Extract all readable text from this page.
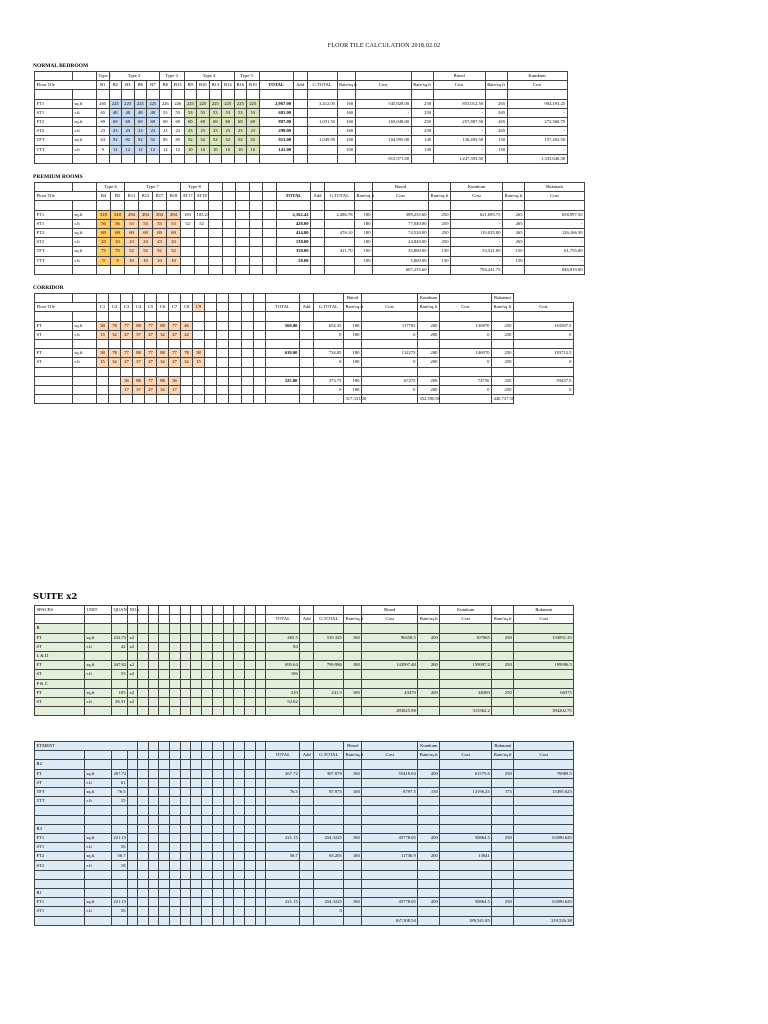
FLOOR TILE CALCULATION 2018.02.02
NORMAL BEDROOM
		Type 1	Type 2				Type 3		Type 4				Type 5								Binod		Kumkum		
Floor Tile		B1	B2	B3	B6	B7	B8	B15	B9	B10	B13	B14	B16	B19	TOTAL	Add	G.TOTAL	Rate/sq.ft	Cost	Rate/sq.ft	Cost	Rate/sq.ft	Cost	

FT1	sq.ft	265	225	225	225	225	226	226	225	225	225	225	225	225	2,967.00		3,412.05	160	545,928.00	250	853,012.50	265	904,193.25	
ST1	r.ft	65	48	48	48	48	53	53	53	53	53	53	53	53	681.00			160	-	250	-	265	-	
FT2	sq.ft	69	69	69	69	69	69	69	69	69	69	69	69	69	897.00		1,031.55	160	165,048.00	250	257,887.50	265	273,360.75	
ST2	r.ft	23	23	23	23	23	23	23	23	23	23	23	23	23	299.00			160	-	250	-	265	-	
TFT	sq.ft	63	92	92	92	92	85	85	52	52	52	52	52	52	913.00		1,049.95	100	104,995.00	130	136,493.50	150	157,492.50	
TTT	r.ft	9	12	12	12	12	12	12	10	10	10	10	10	10	141.00			100	-	130	-	150	-	
																			815,971.00		1,247,393.50		1,335,046.50	
PREMIUM ROOMS
		Type 6		Type 7				Type 8											Binod		Kumkum		Rukmani
Floor Tile		B4	B5	B11	B12	B17	B18	AT17	AT18						TOTAL	Add	G.TOTAL	Rate/sq.ft	Cost	Rate/sq.ft	Cost	Rate/sq.ft	Cost

FT1	sq.ft	310	310	294	294	294	294	183	183.21						2,162.42		2,486.78	180	389,235.60	250	621,695.75	265	658,997.50
ST1	r.ft	56	56	53	53	53	53	52	52						428.00			180	77,040.00	250	-	265	-
FT2	sq.ft	69	69	69	69	69	69								414.00		476.10	180	74,520.00	250	119,025.00	265	126,166.50
ST2	r.ft	23	23	23	23	23	23								138.00			180	24,840.00	250	-	265	-
TFT	sq.ft	75	75	52	52	52	52								358.00		411.70	100	35,800.00	130	53,521.00	150	61,755.00
TTT	r.ft	9	9	10	10	10	10								58.00			100	5,800.00	130	-	150	-
																			607,235.60		794,241.75		846,919.00
CORRIDOR
																			Binod		Kumkum		Rukmani	
Floor Tile		C1	C2	C3	C4	C5	C6	C7	C8	C9						TOTAL	Add	G.TOTAL	Rate/sq.ft	Cost	Rate/sq.ft	Cost	Rate/sq.ft	Cost

FT	sq.ft	38	78	77	88	77	88	77	46							569.00		654.35	180	117783	200	130870	250	163587.5
ST	r.ft	15	32	27	37	27	32	27	22									0	180	0	200	0	250	0

FT	sq.ft	38	78	77	88	77	88	77	78	38						639.00		734.85	180	132273	200	146970	250	183712.5
ST	r.ft	15	32	27	37	27	32	27	32	15								0	180	0	200	0	250	0

				36	88	77	88	36								325.00		373.75	180	67275	200	74750	250	93437.5
				17	37	27	32	17										0	180	0	200	0	250	0
																			317,331.00		352,590.00		440,737.50	
SUITE x2
SPACES	UNIT	QUAN	NO.s																	Binod		Kumkum		Rukmani
																TOTAL	Add	G.TOTAL	Rate/sq.ft	Cost	Rate/sq.ft	Cost	Rate/sq.ft	Cost
B																								
FT	sq.ft	232.75	x2													465.5		535.325	180	96358.5	200	107065	250	133831.25
ST	r.ft	42	x2													84								
L & D																								
FT	sq.ft	347.82	x2													695.64		799.986	180	143997.48	200	159997.2	250	199996.5
ST	r.ft	53	x2													106								
P & C																								
FT	sq.ft	105	x2													210		241.5	180	43470	200	48300	250	60375
ST	r.ft	26.31	x2													52.62								
																				283825.98		315362.2		394202.75
ETMENT																			Binod		Kumkum		Rukmani	
																TOTAL	Add	G.TOTAL	Rate/sq.ft	Cost	Rate/sq.ft	Cost	Rate/sq.ft	Cost
R2																								
FT	sq.ft	267.72														267.72		307.878	180	55418.04	200	61575.6	250	76969.5
ST	r.ft	61																						
TFT	sq.ft	76.5														76.5		87.975	100	8797.5	150	13196.25	175	15395.625
TTT	r.ft	15																						

R3																								
FT1	sq.ft	221.15														221.15		254.3225	180	45778.05	200	50864.5	250	63580.625
ST1	r.ft	56																						
FT2	sq.ft	56.7														56.7		65.205	180	11736.9	200	13041		
ST2	r.ft	18																						

R1																								
FT1	sq.ft	221.15														221.15		254.3225	180	45778.05	200	50864.5	250	63580.625
ST1	r.ft	56																0						
																				167,508.54		189,541.85		219,526.38
